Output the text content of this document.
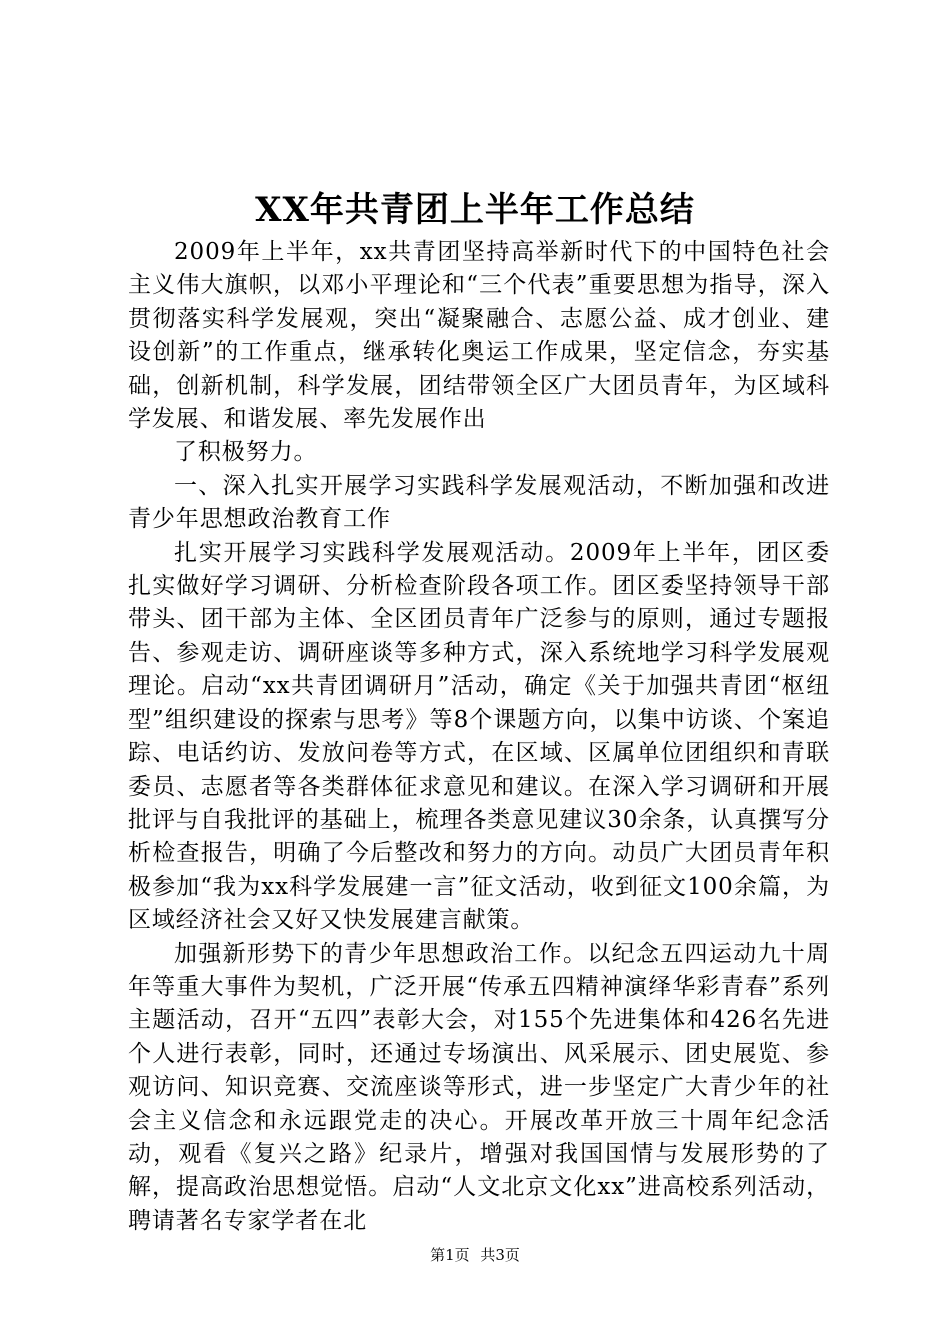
XX年共青团上半年工作总结

2009年上半年，xx共青团坚持高举新时代下的中国特色社会主义伟大旗帜，以邓小平理论和“三个代表”重要思想为指导，深入贯彻落实科学发展观，突出“凝聚融合、志愿公益、成才创业、建设创新”的工作重点，继承转化奥运工作成果，坚定信念，夯实基础，创新机制，科学发展，团结带领全区广大团员青年，为区域科学发展、和谐发展、率先发展作出

了积极努力。

一、深入扎实开展学习实践科学发展观活动，不断加强和改进青少年思想政治教育工作

扎实开展学习实践科学发展观活动。2009年上半年，团区委扎实做好学习调研、分析检查阶段各项工作。团区委坚持领导干部带头、团干部为主体、全区团员青年广泛参与的原则，通过专题报告、参观走访、调研座谈等多种方式，深入系统地学习科学发展观理论。启动“xx共青团调研月”活动，确定《关于加强共青团“枢纽型”组织建设的探索与思考》等8个课题方向，以集中访谈、个案追踪、电话约访、发放问卷等方式，在区域、区属单位团组织和青联委员、志愿者等各类群体征求意见和建议。在深入学习调研和开展批评与自我批评的基础上，梳理各类意见建议30余条，认真撰写分析检查报告，明确了今后整改和努力的方向。动员广大团员青年积极参加“我为xx科学发展建一言”征文活动，收到征文100余篇，为区域经济社会又好又快发展建言献策。

加强新形势下的青少年思想政治工作。以纪念五四运动九十周年等重大事件为契机，广泛开展“传承五四精神演绎华彩青春”系列主题活动，召开“五四”表彰大会，对155个先进集体和426名先进个人进行表彰，同时，还通过专场演出、风采展示、团史展览、参观访问、知识竞赛、交流座谈等形式，进一步坚定广大青少年的社会主义信念和永远跟党走的决心。开展改革开放三十周年纪念活动，观看《复兴之路》纪录片，增强对我国国情与发展形势的了解，提高政治思想觉悟。启动“人文北京文化xx”进高校系列活动，聘请著名专家学者在北

第1页 共3页
